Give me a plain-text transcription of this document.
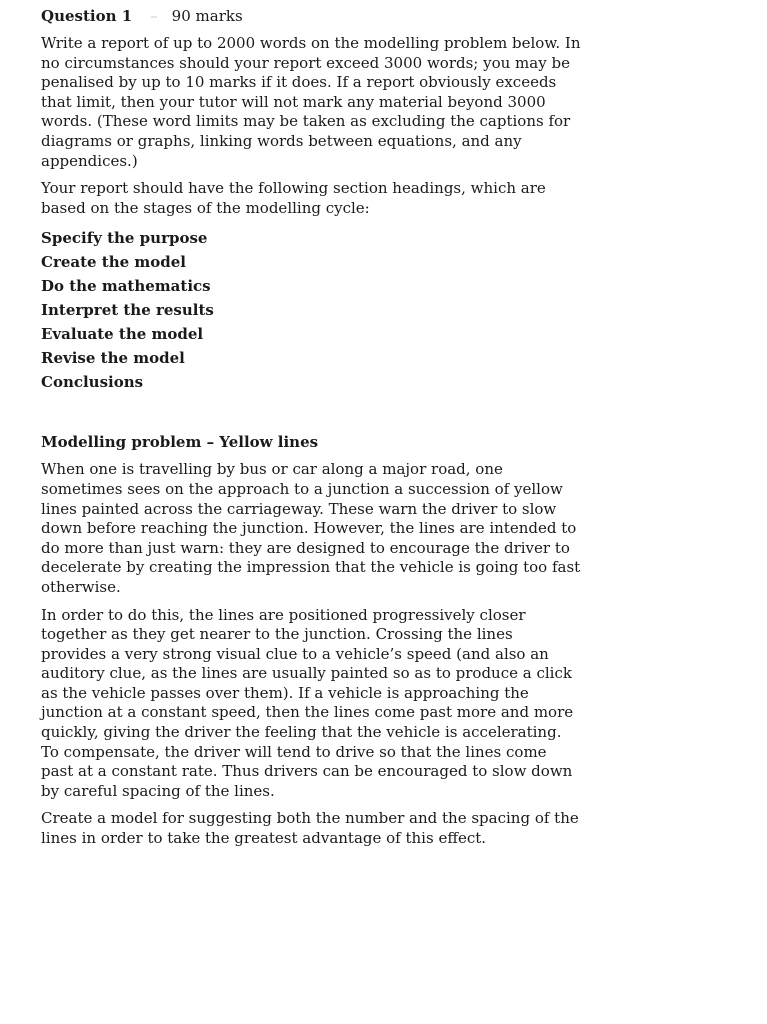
Question 1 – 90 marks

Write a report of up to 2000 words on the modelling problem below. In no circumstances should your report exceed 3000 words; you may be penalised by up to 10 marks if it does. If a report obviously exceeds that limit, then your tutor will not mark any material beyond 3000 words. (These word limits may be taken as excluding the captions for diagrams or graphs, linking words between equations, and any appendices.)

Your report should have the following section headings, which are based on the stages of the modelling cycle:

Specify the purpose
Create the model
Do the mathematics
Interpret the results
Evaluate the model
Revise the model
Conclusions
Modelling problem – Yellow lines

When one is travelling by bus or car along a major road, one sometimes sees on the approach to a junction a succession of yellow lines painted across the carriageway. These warn the driver to slow down before reaching the junction. However, the lines are intended to do more than just warn: they are designed to encourage the driver to decelerate by creating the impression that the vehicle is going too fast otherwise.

In order to do this, the lines are positioned progressively closer together as they get nearer to the junction. Crossing the lines provides a very strong visual clue to a vehicle’s speed (and also an auditory clue, as the lines are usually painted so as to produce a click as the vehicle passes over them). If a vehicle is approaching the junction at a constant speed, then the lines come past more and more quickly, giving the driver the feeling that the vehicle is accelerating. To compensate, the driver will tend to drive so that the lines come past at a constant rate. Thus drivers can be encouraged to slow down by careful spacing of the lines.

Create a model for suggesting both the number and the spacing of the lines in order to take the greatest advantage of this effect.
